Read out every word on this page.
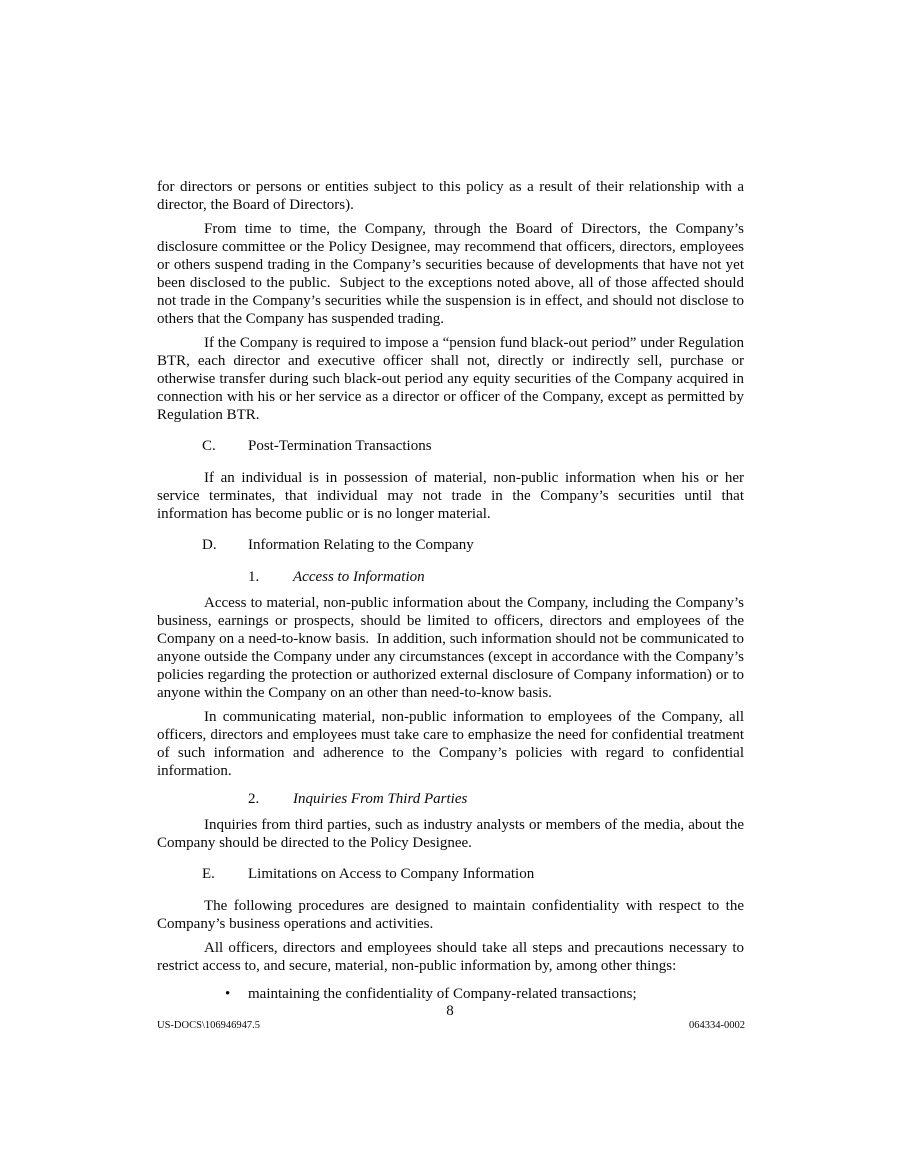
for directors or persons or entities subject to this policy as a result of their relationship with a director, the Board of Directors).

From time to time, the Company, through the Board of Directors, the Company’s disclosure committee or the Policy Designee, may recommend that officers, directors, employees or others suspend trading in the Company’s securities because of developments that have not yet been disclosed to the public.  Subject to the exceptions noted above, all of those affected should not trade in the Company’s securities while the suspension is in effect, and should not disclose to others that the Company has suspended trading.

If the Company is required to impose a “pension fund black-out period” under Regulation BTR, each director and executive officer shall not, directly or indirectly sell, purchase or otherwise transfer during such black-out period any equity securities of the Company acquired in connection with his or her service as a director or officer of the Company, except as permitted by Regulation BTR.

C.	Post-Termination Transactions

If an individual is in possession of material, non-public information when his or her service terminates, that individual may not trade in the Company’s securities until that information has become public or is no longer material.

D.	Information Relating to the Company
1.	Access to Information

Access to material, non-public information about the Company, including the Company’s business, earnings or prospects, should be limited to officers, directors and employees of the Company on a need-to-know basis.  In addition, such information should not be communicated to anyone outside the Company under any circumstances (except in accordance with the Company’s policies regarding the protection or authorized external disclosure of Company information) or to anyone within the Company on an other than need-to-know basis.

In communicating material, non-public information to employees of the Company, all officers, directors and employees must take care to emphasize the need for confidential treatment of such information and adherence to the Company’s policies with regard to confidential information.

2.	Inquiries From Third Parties

Inquiries from third parties, such as industry analysts or members of the media, about the Company should be directed to the Policy Designee.

E.	Limitations on Access to Company Information

The following procedures are designed to maintain confidentiality with respect to the Company’s business operations and activities.

All officers, directors and employees should take all steps and precautions necessary to restrict access to, and secure, material, non-public information by, among other things:

•	maintaining the confidentiality of Company-related transactions;
8
US-DOCS\106946947.5	064334-0002
